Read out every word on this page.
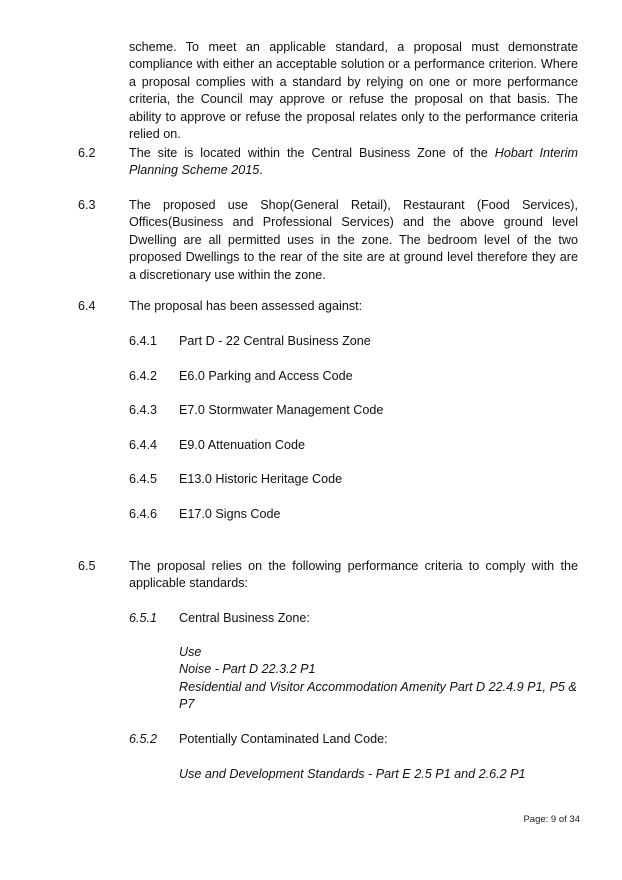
scheme. To meet an applicable standard, a proposal must demonstrate compliance with either an acceptable solution or a performance criterion. Where a proposal complies with a standard by relying on one or more performance criteria, the Council may approve or refuse the proposal on that basis. The ability to approve or refuse the proposal relates only to the performance criteria relied on.

6.2	The site is located within the Central Business Zone of the Hobart Interim Planning Scheme 2015.

6.3	The proposed use Shop(General Retail), Restaurant (Food Services), Offices(Business and Professional Services) and the above ground level Dwelling are all permitted uses in the zone. The bedroom level of the two proposed Dwellings to the rear of the site are at ground level therefore they are a discretionary use within the zone.

6.4	The proposal has been assessed against:

6.4.1 Part D - 22 Central Business Zone

6.4.2 E6.0 Parking and Access Code

6.4.3 E7.0 Stormwater Management Code

6.4.4 E9.0 Attenuation Code

6.4.5 E13.0 Historic Heritage Code

6.4.6 E17.0 Signs Code

6.5	The proposal relies on the following performance criteria to comply with the applicable standards:

6.5.1 Central Business Zone:

Use

Noise - Part D 22.3.2 P1

Residential and Visitor Accommodation Amenity Part D 22.4.9 P1, P5 & P7

6.5.2 Potentially Contaminated Land Code:

Use and Development Standards - Part E 2.5 P1 and 2.6.2 P1

Page: 9 of 34
